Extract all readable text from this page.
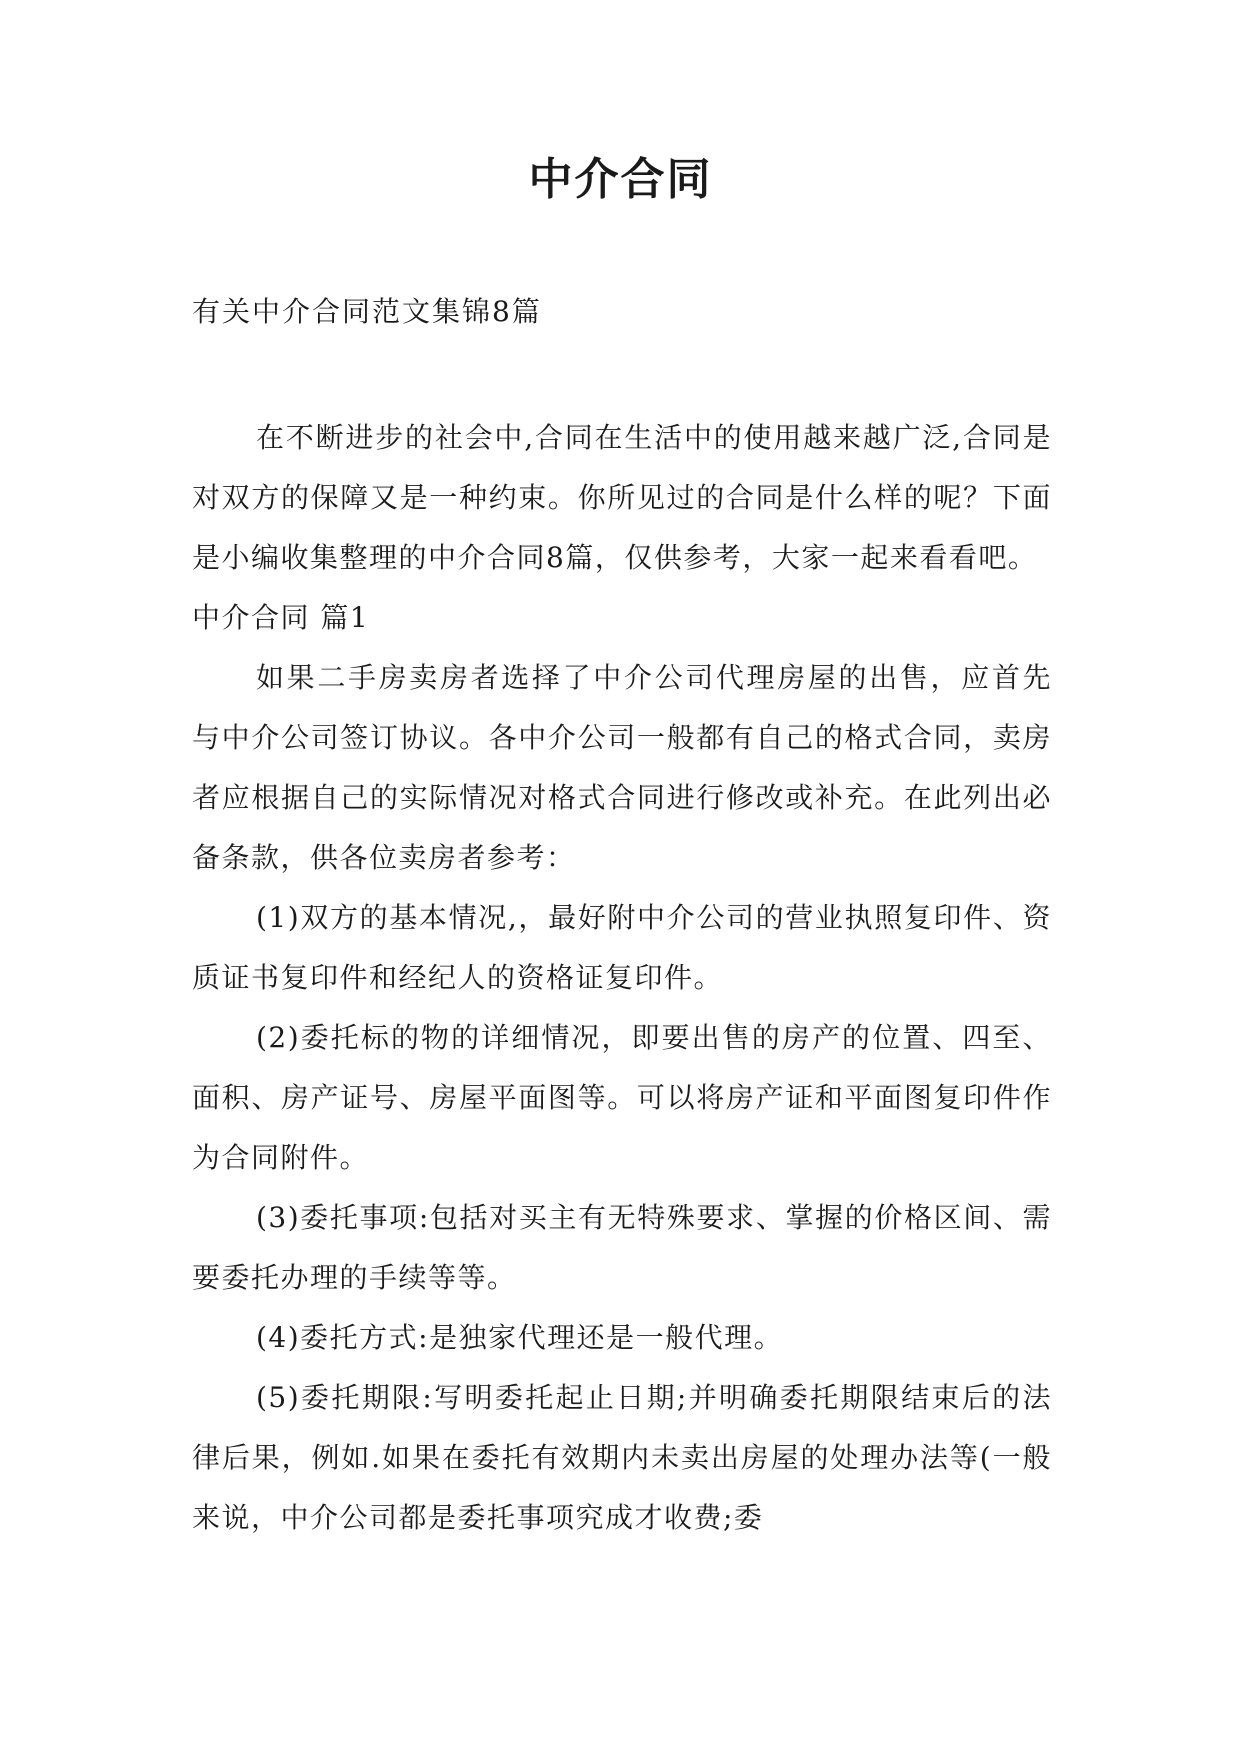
中介合同
有关中介合同范文集锦8篇

在不断进步的社会中,合同在生活中的使用越来越广泛,合同是对双方的保障又是一种约束。你所见过的合同是什么样的呢？下面是小编收集整理的中介合同8篇，仅供参考，大家一起来看看吧。

中介合同 篇1

如果二手房卖房者选择了中介公司代理房屋的出售，应首先与中介公司签订协议。各中介公司一般都有自己的格式合同，卖房者应根据自己的实际情况对格式合同进行修改或补充。在此列出必备条款，供各位卖房者参考：

(1)双方的基本情况,，最好附中介公司的营业执照复印件、资质证书复印件和经纪人的资格证复印件。

(2)委托标的物的详细情况，即要出售的房产的位置、四至、面积、房产证号、房屋平面图等。可以将房产证和平面图复印件作为合同附件。

(3)委托事项:包括对买主有无特殊要求、掌握的价格区间、需要委托办理的手续等等。

(4)委托方式:是独家代理还是一般代理。

(5)委托期限:写明委托起止日期;并明确委托期限结束后的法律后果，例如.如果在委托有效期内未卖出房屋的处理办法等(一般来说，中介公司都是委托事项究成才收费;委
